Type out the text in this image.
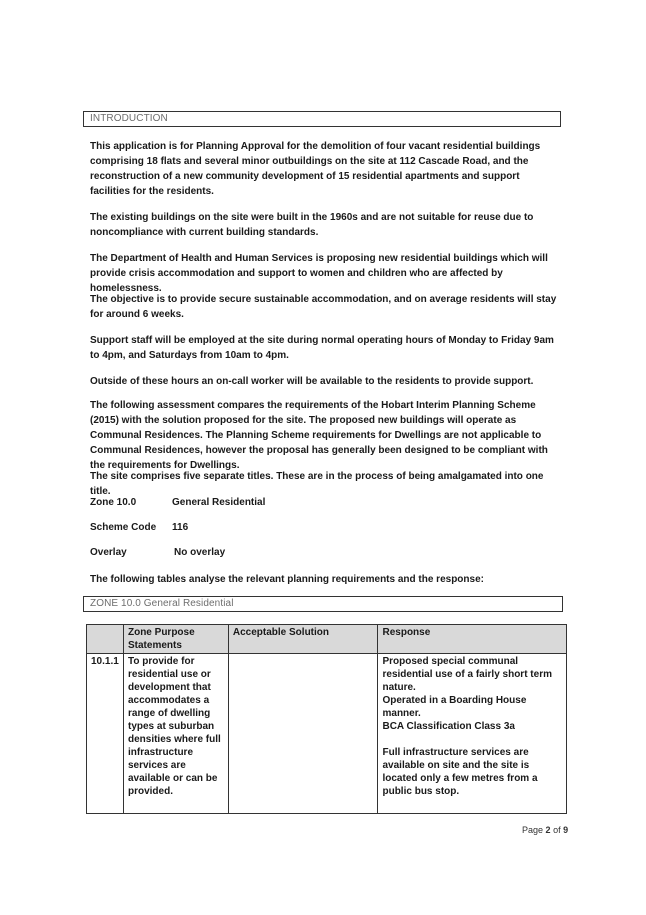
INTRODUCTION

This application is for Planning Approval for the demolition of four vacant residential buildings comprising 18 flats and several minor outbuildings on the site at 112 Cascade Road, and the reconstruction of a new community development of 15 residential apartments and support facilities for the residents.

The existing buildings on the site were built in the 1960s and are not suitable for reuse due to noncompliance with current building standards.

The Department of Health and Human Services is proposing new residential buildings which will provide crisis accommodation and support to women and children who are affected by homelessness.

The objective is to provide secure sustainable accommodation, and on average residents will stay for around 6 weeks.

Support staff will be employed at the site during normal operating hours of Monday to Friday 9am to 4pm, and Saturdays from 10am to 4pm.

Outside of these hours an on-call worker will be available to the residents to provide support.

The following assessment compares the requirements of the Hobart Interim Planning Scheme (2015) with the solution proposed for the site. The proposed new buildings will operate as Communal Residences. The Planning Scheme requirements for Dwellings are not applicable to Communal Residences, however the proposal has generally been designed to be compliant with the requirements for Dwellings.

The site comprises five separate titles. These are in the process of being amalgamated into one title.

Zone 10.0	General Residential
Scheme Code 116
Overlay	No overlay

The following tables analyse the relevant planning requirements and the response:

ZONE 10.0 General Residential
	Zone Purpose Statements	Acceptable Solution	Response
10.1.1	To provide for residential use or development that accommodates a range of dwelling types at suburban densities where full infrastructure services are available or can be provided.		Proposed special communal residential use of a fairly short term nature.

Operated in a Boarding House manner.

BCA Classification Class 3a

Full infrastructure services are available on site and the site is located only a few metres from a public bus stop.

Page 2 of 9
